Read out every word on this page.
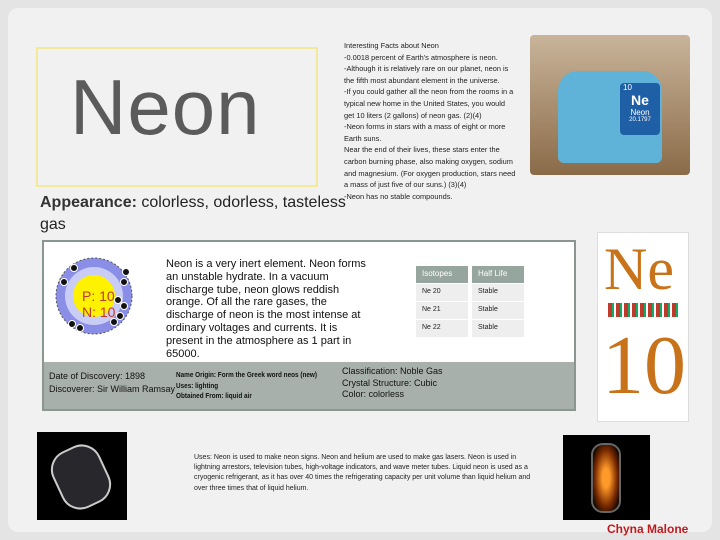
Neon
Interesting Facts about Neon
-0.0018 percent of Earth's atmosphere is neon.
-Although it is relatively rare on our planet, neon is the fifth most abundant element in the universe.
-If you could gather all the neon from the rooms in a typical new home in the United States, you would get 10 liters (2 gallons) of neon gas. (2)(4)
-Neon forms in stars with a mass of eight or more Earth suns.
Near the end of their lives, these stars enter the carbon burning phase, also making oxygen, sodium and magnesium. (For oxygen production, stars need a mass of just five of our suns.) (3)(4)
-Neon has no stable compounds.
Appearance: colorless, odorless, tasteless gas
P: 10
N: 10
Neon is a very inert element. Neon forms an unstable hydrate. In a vacuum discharge tube, neon glows reddish orange. Of all the rare gases, the discharge of neon is the most intense at ordinary voltages and currents. It is present in the atmosphere as 1 part in 65000.
Isotopes	Half Life
Ne 20	Stable
Ne 21	Stable
Ne 22	Stable
Date of Discovery: 1898
Discoverer: Sir William Ramsay
Name Origin: Form the Greek word neos (new)
Uses: lighting
Obtained From: liquid air
Classification: Noble Gas
Crystal Structure: Cubic
Color: colorless
Ne
10
10
Ne
Neon
20.1797
Uses: Neon is used to make neon signs. Neon and helium are used to make gas lasers. Neon is used in lightning arrestors, television tubes, high-voltage indicators, and wave meter tubes. Liquid neon is used as a cryogenic refrigerant, as it has over 40 times the refrigerating capacity per unit volume than liquid helium and over three times that of liquid helium.
Chyna Malone
